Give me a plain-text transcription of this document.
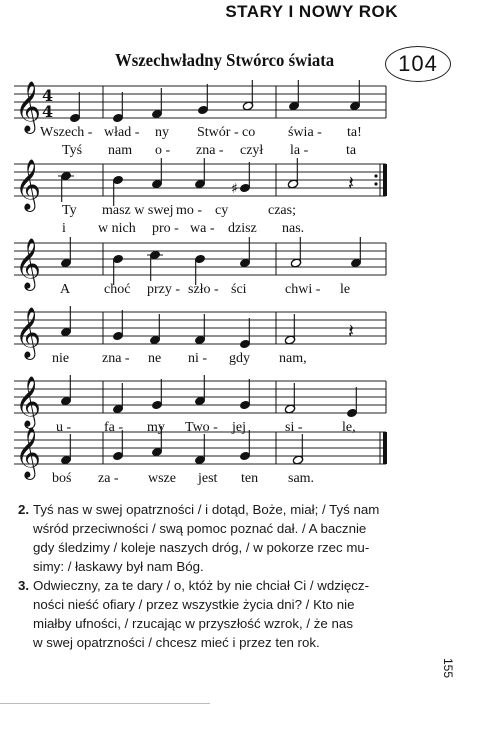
STARY I NOWY ROK
Wszechwładny Stwórco świata	104
𝄞 4
4
𝄞	♯	𝄽
𝄞
𝄞	𝄽
𝄞
𝄞
Wszech - wład - ny Stwór - co świa - ta!
Tyś nam o - zna - czył la -	ta
Ty masz w swej mo - cy	czas;
i w nich pro - wa - dzisz nas.
A choć przy - szło - ści	chwi - le
nie zna - ne ni - gdy nam,
u - fa - my Two - jej	si -	le,
boś za - wsze jest ten sam.
2. Tyś nas w swej opatrzności / i dotąd, Boże, miał; / Tyś nam
wśród przeciwności / swą pomoc poznać dał. / A bacznie
gdy śledzimy / koleje naszych dróg, / w pokorze rzec mu-
simy: / łaskawy był nam Bóg.
3. Odwieczny, za te dary / o, któż by nie chciał Ci / wdzięcz-
ności nieść ofiary / przez wszystkie życia dni? / Kto nie
miałby ufności, / rzucając w przyszłość wzrok, / że nas
w swej opatrzności / chcesz mieć i przez ten rok.
155
